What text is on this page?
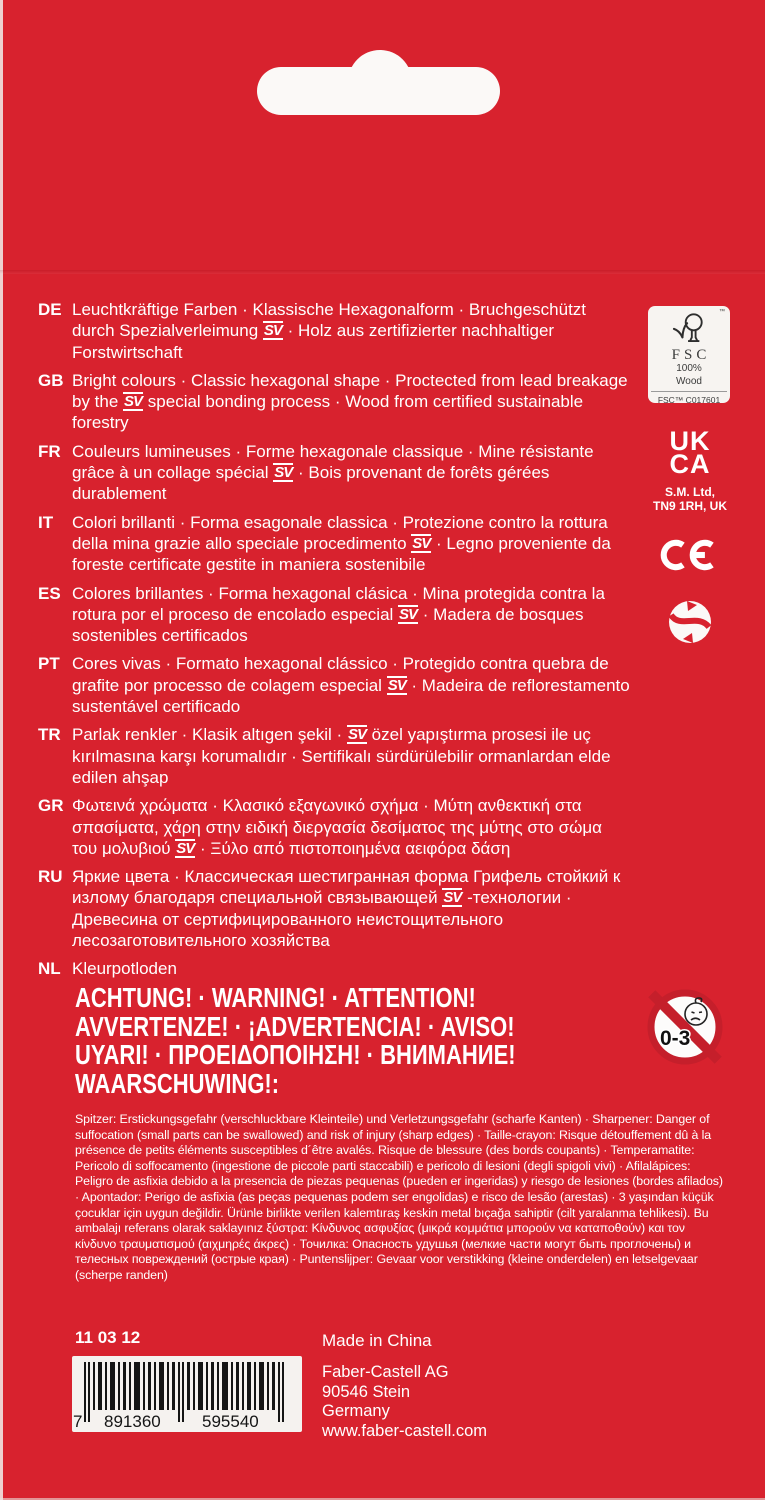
DE Leuchtkräftige Farben · Klassische Hexagonalform · Bruchgeschützt durch Spezialverleimung SV · Holz aus zertifizierter nachhaltiger Forstwirtschaft
GB Bright colours · Classic hexagonal shape · Proctected from lead breakage by the SV special bonding process · Wood from certified sustainable forestry
FR Couleurs lumineuses · Forme hexagonale classique · Mine résistante grâce à un collage spécial SV · Bois provenant de forêts gérées durablement
IT	Colori brillanti · Forma esagonale classica · Protezione contro la rottura della mina grazie allo speciale procedimento SV · Legno proveniente da foreste certificate gestite in maniera sostenibile
ES Colores brillantes · Forma hexagonal clásica · Mina protegida contra la rotura por el proceso de encolado especial SV · Madera de bosques sostenibles certificados
PT Cores vivas · Formato hexagonal clássico · Protegido contra quebra de grafite por processo de colagem especial SV · Madeira de reflorestamento sustentável certificado
TR Parlak renkler · Klasik altıgen şekil · SV özel yapıştırma prosesi ile uç kırılmasına karşı korumalıdır · Sertifikalı sürdürülebilir ormanlardan elde edilen ahşap
GR Φωτεινά χρώματα · Κλασικό εξαγωνικό σχήμα · Μύτη ανθεκτική στα σπασίματα, χάρη στην ειδική διεργασία δεσίματος της μύτης στο σώμα του μολυβιού SV · Ξύλο από πιστοποιημένα αειφόρα δάση
RU Яркие цвета · Классическая шестигранная форма Грифель стойкий к излому благодаря специальной связывающей SV -технологии · Древесина от сертифицированного неистощительного лесозаготовительного хозяйства
NL Kleurpotloden
™
FSC
100%
Wood
FSC™ C017601
UK
CA
S.M. Ltd,
TN9 1RH, UK
ACHTUNG! · WARNING! · ATTENTION!
AVVERTENZE! · ¡ADVERTENCIA! · AVISO!
UYARI! · ΠΡΟΕΙΔΟΠΟΙΗΣΗ! · ВНИМАНИЕ!
WAARSCHUWING!:
0-3
Spitzer: Erstickungsgefahr (verschluckbare Kleinteile) und Verletzungsgefahr (scharfe Kanten) · Sharpener: Danger of suffocation (small parts can be swallowed) and risk of injury (sharp edges) · Taille-crayon: Risque détouffement dû à la présence de petits éléments susceptibles d´être avalés. Risque de blessure (des bords coupants) · Temperamatite: Pericolo di soffocamento (ingestione de piccole parti staccabili) e pericolo di lesioni (degli spigoli vivi) · Afilalápices: Peligro de asfixia debido a la presencia de piezas pequenas (pueden er ingeridas) y riesgo de lesiones (bordes afilados) · Apontador: Perigo de asfixia (as peças pequenas podem ser engolidas) e risco de lesão (arestas) · 3 yaşından küçük çocuklar için uygun değildir. Ürünle birlikte verilen kalemtıraş keskin metal bıçağa sahiptir (cilt yaralanma tehlikesi). Bu ambalajı referans olarak saklayınız ξύστρα: Κίνδυνος ασφυξίας (μικρά κομμάτια μπορούν να καταποθούν) και τον κίνδυνο τραυματισμού (αιχμηρές άκρες) · Точилка: Опасность удушья (мелкие части могут быть проглочены) и телесных повреждений (острые края) · Puntenslijper: Gevaar voor verstikking (kleine onderdelen) en letselgevaar (scherpe randen)
11 03 12
7 891360 595540
Made in China
Faber-Castell AG
90546 Stein
Germany
www.faber-castell.com
